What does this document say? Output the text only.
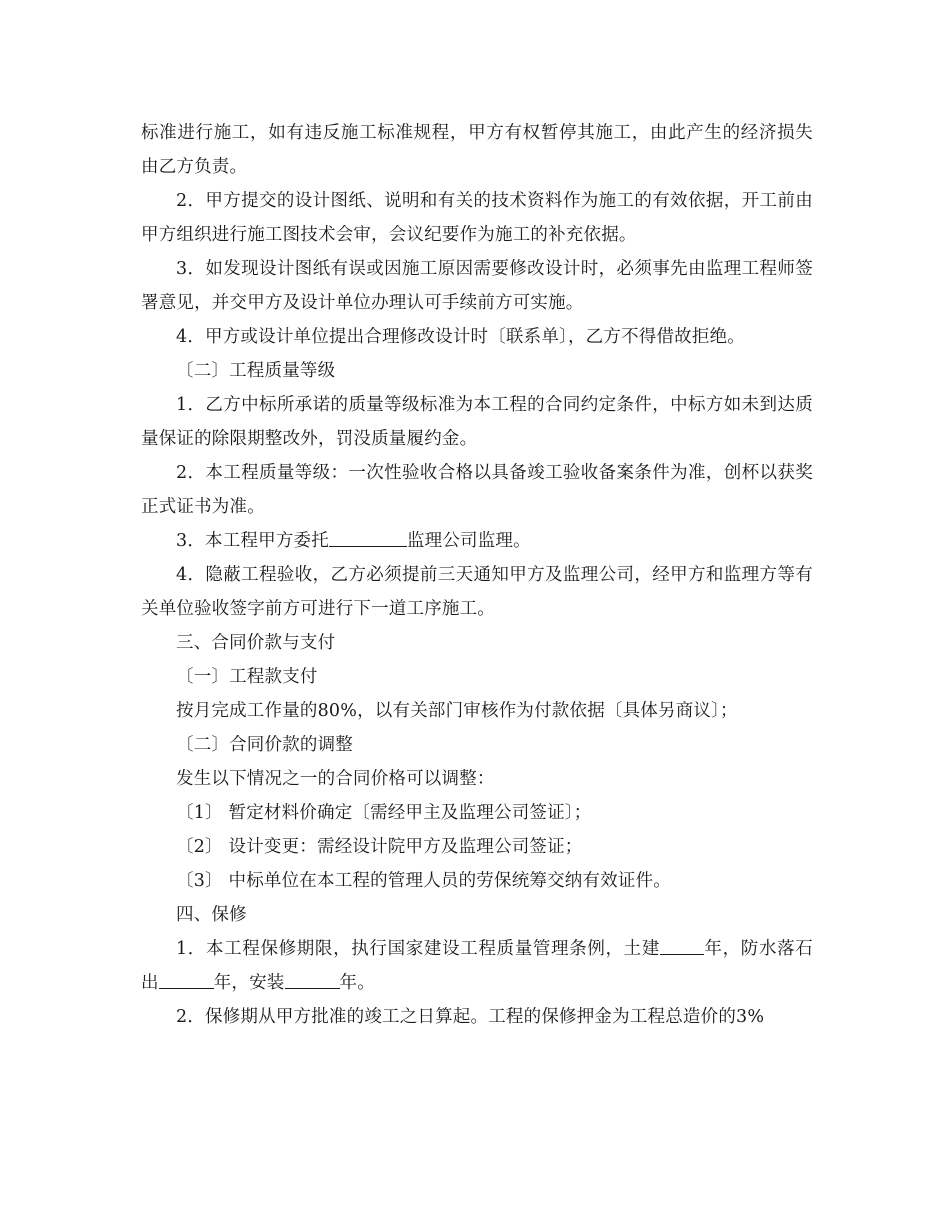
标准进行施工，如有违反施工标准规程，甲方有权暂停其施工，由此产生的经济损失由乙方负责。

2．甲方提交的设计图纸、说明和有关的技术资料作为施工的有效依据，开工前由甲方组织进行施工图技术会审，会议纪要作为施工的补充依据。

3．如发现设计图纸有误或因施工原因需要修改设计时，必须事先由监理工程师签署意见，并交甲方及设计单位办理认可手续前方可实施。

4．甲方或设计单位提出合理修改设计时〔联系单〕，乙方不得借故拒绝。

〔二〕工程质量等级

1．乙方中标所承诺的质量等级标准为本工程的合同约定条件，中标方如未到达质量保证的除限期整改外，罚没质量履约金。

2．本工程质量等级：一次性验收合格以具备竣工验收备案条件为准，创杯以获奖正式证书为准。

3．本工程甲方委托	监理公司监理。

4．隐蔽工程验收，乙方必须提前三天通知甲方及监理公司，经甲方和监理方等有关单位验收签字前方可进行下一道工序施工。

三、合同价款与支付

〔一〕工程款支付

按月完成工作量的80%，以有关部门审核作为付款依据〔具体另商议〕；

〔二〕合同价款的调整

发生以下情况之一的合同价格可以调整：

〔1〕 暂定材料价确定〔需经甲主及监理公司签证〕；

〔2〕 设计变更：需经设计院甲方及监理公司签证；

〔3〕 中标单位在本工程的管理人员的劳保统筹交纳有效证件。

四、保修

1．本工程保修期限，执行国家建设工程质量管理条例，土建	年，防水落石出	年，安装	年。

2．保修期从甲方批准的竣工之日算起。工程的保修押金为工程总造价的3%
